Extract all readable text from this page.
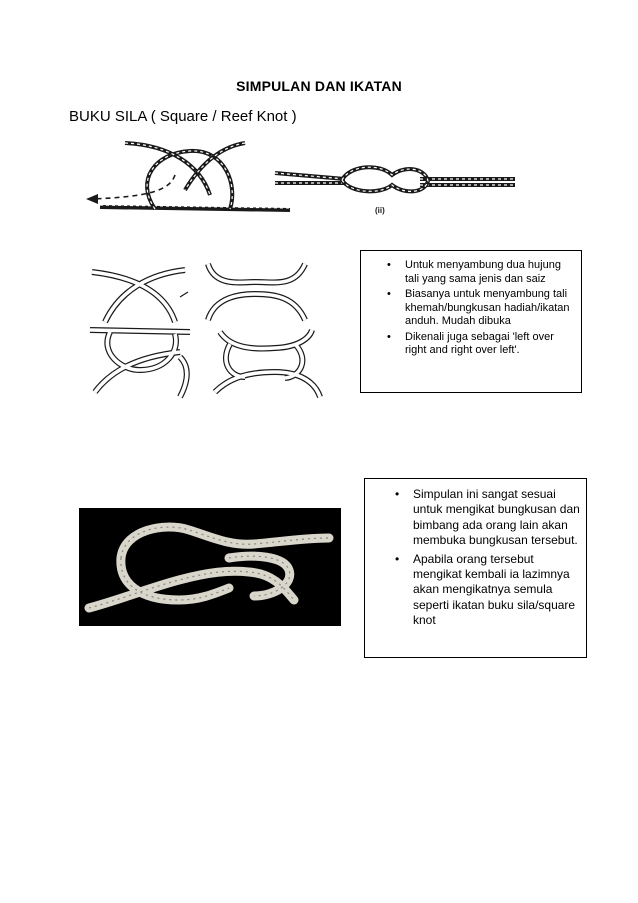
SIMPULAN DAN IKATAN
BUKU SILA ( Square / Reef Knot )
(ii)
• Untuk menyambung dua hujung tali yang sama jenis dan saiz
• Biasanya untuk menyambung tali khemah/bungkusan hadiah/ikatan anduh. Mudah dibuka
• Dikenali juga sebagai 'left over right and right over left'.
• Simpulan ini sangat sesuai untuk mengikat bungkusan dan bimbang ada orang lain akan membuka bungkusan tersebut.
• Apabila orang tersebut mengikat kembali ia lazimnya akan mengikatnya semula seperti ikatan buku sila/square knot
